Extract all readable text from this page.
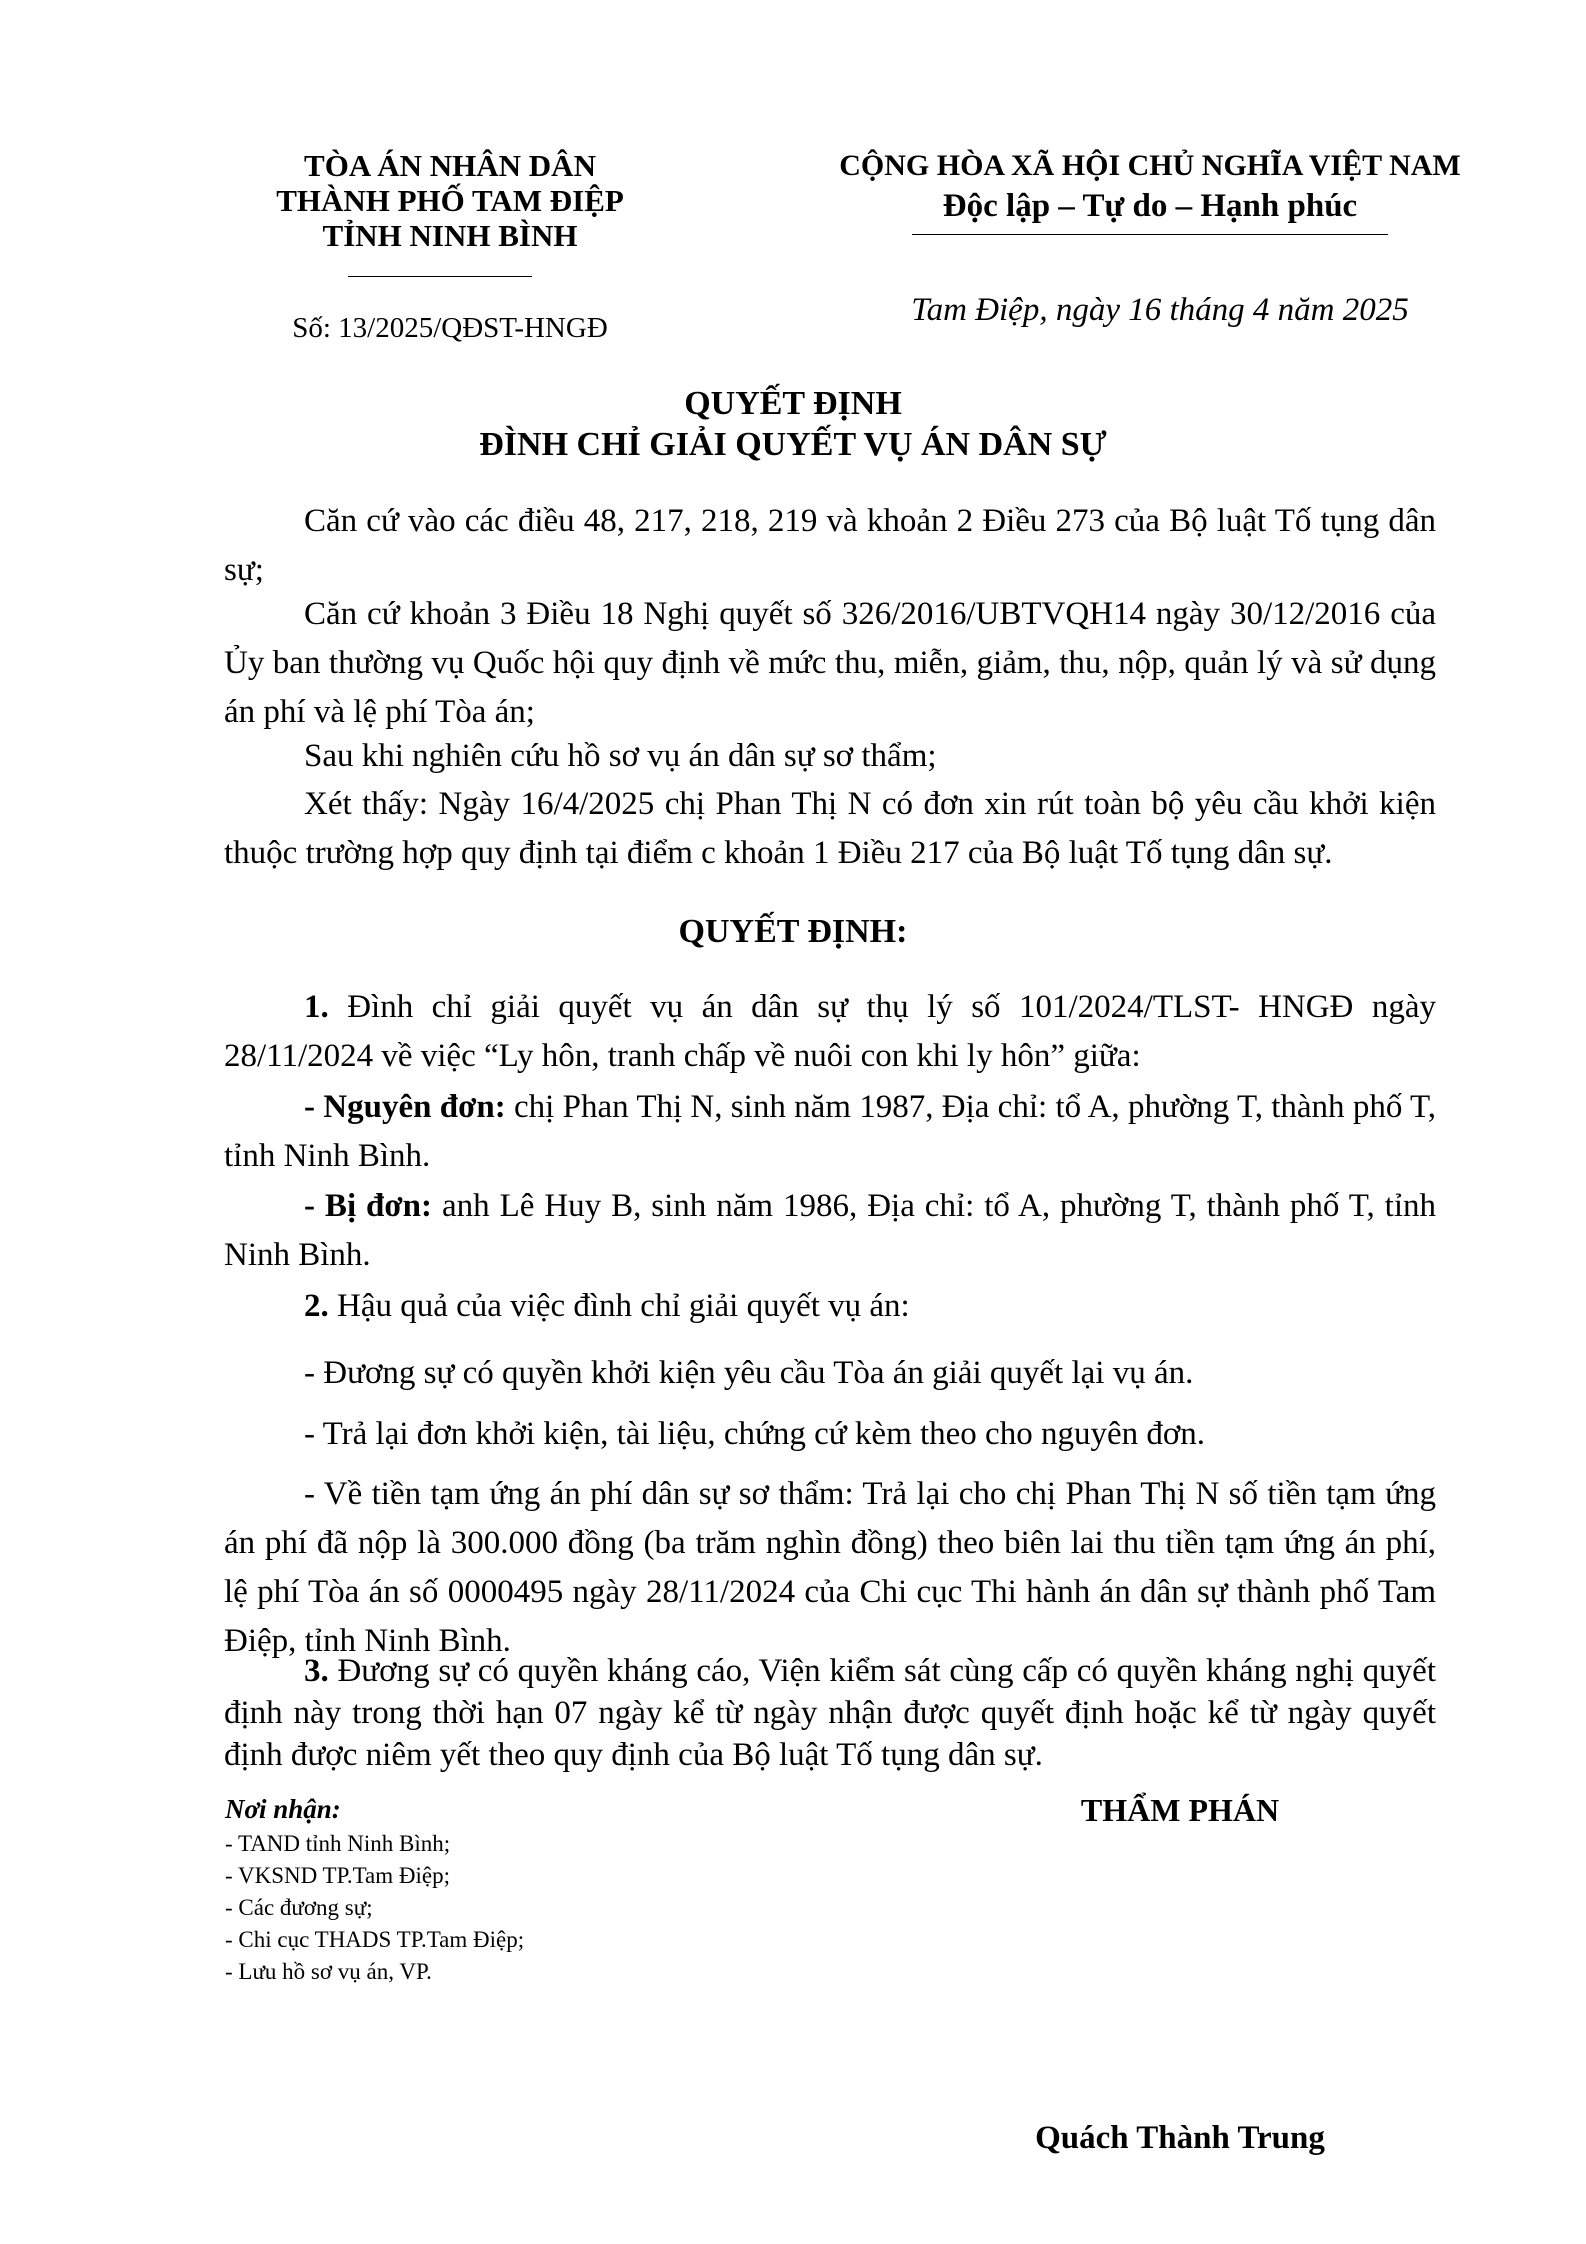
TÒA ÁN NHÂN DÂN
THÀNH PHỐ TAM ĐIỆP
TỈNH NINH BÌNH
Số: 13/2025/QĐST-HNGĐ
CỘNG HÒA XÃ HỘI CHỦ NGHĨA VIỆT NAM
Độc lập – Tự do – Hạnh phúc
Tam Điệp, ngày 16 tháng 4 năm 2025
QUYẾT ĐỊNH
ĐÌNH CHỈ GIẢI QUYẾT VỤ ÁN DÂN SỰ

Căn cứ vào các điều 48, 217, 218, 219 và khoản 2 Điều 273 của Bộ luật Tố tụng dân sự;

Căn cứ khoản 3 Điều 18 Nghị quyết số 326/2016/UBTVQH14 ngày 30/12/2016 của Ủy ban thường vụ Quốc hội quy định về mức thu, miễn, giảm, thu, nộp, quản lý và sử dụng án phí và lệ phí Tòa án;

Sau khi nghiên cứu hồ sơ vụ án dân sự sơ thẩm;

Xét thấy: Ngày 16/4/2025 chị Phan Thị N có đơn xin rút toàn bộ yêu cầu khởi kiện thuộc trường hợp quy định tại điểm c khoản 1 Điều 217 của Bộ luật Tố tụng dân sự.

QUYẾT ĐỊNH:

1. Đình chỉ giải quyết vụ án dân sự thụ lý số 101/2024/TLST- HNGĐ ngày 28/11/2024 về việc “Ly hôn, tranh chấp về nuôi con khi ly hôn” giữa:

- Nguyên đơn: chị Phan Thị N, sinh năm 1987, Địa chỉ: tổ A, phường T, thành phố T, tỉnh Ninh Bình.

- Bị đơn: anh Lê Huy B, sinh năm 1986, Địa chỉ: tổ A, phường T, thành phố T, tỉnh Ninh Bình.

2. Hậu quả của việc đình chỉ giải quyết vụ án:

- Đương sự có quyền khởi kiện yêu cầu Tòa án giải quyết lại vụ án.

- Trả lại đơn khởi kiện, tài liệu, chứng cứ kèm theo cho nguyên đơn.

- Về tiền tạm ứng án phí dân sự sơ thẩm: Trả lại cho chị Phan Thị N số tiền tạm ứng án phí đã nộp là 300.000 đồng (ba trăm nghìn đồng) theo biên lai thu tiền tạm ứng án phí, lệ phí Tòa án số 0000495 ngày 28/11/2024 của Chi cục Thi hành án dân sự thành phố Tam Điệp, tỉnh Ninh Bình.

3. Đương sự có quyền kháng cáo, Viện kiểm sát cùng cấp có quyền kháng nghị quyết định này trong thời hạn 07 ngày kể từ ngày nhận được quyết định hoặc kể từ ngày quyết định được niêm yết theo quy định của Bộ luật Tố tụng dân sự.

Nơi nhận:
- TAND tỉnh Ninh Bình;
- VKSND TP.Tam Điệp;
- Các đương sự;
- Chi cục THADS TP.Tam Điệp;
- Lưu hồ sơ vụ án, VP.
THẨM PHÁN
Quách Thành Trung
